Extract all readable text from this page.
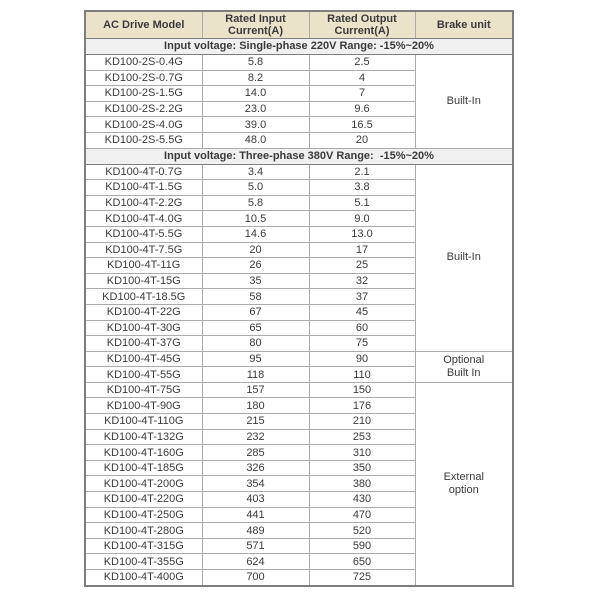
AC Drive Model	Rated Input Current(A)	Rated Output Current(A)	Brake unit
Input voltage: Single-phase 220V Range: -15%~20%			
KD100-2S-0.4G	5.8	2.5	Built-In

KD100-2S-0.7G	8.2	4	
KD100-2S-1.5G	14.0	7	
KD100-2S-2.2G	23.0	9.6	
KD100-2S-4.0G	39.0	16.5	
KD100-2S-5.5G	48.0	20	
Input voltage: Three-phase 380V Range:  -15%~20%			
KD100-4T-0.7G	3.4	2.1	Built-In

KD100-4T-1.5G	5.0	3.8	
KD100-4T-2.2G	5.8	5.1	
KD100-4T-4.0G	10.5	9.0	
KD100-4T-5.5G	14.6	13.0	
KD100-4T-7.5G	20	17	
KD100-4T-11G	26	25	
KD100-4T-15G	35	32	
KD100-4T-18.5G	58	37	
KD100-4T-22G	67	45	
KD100-4T-30G	65	60	
KD100-4T-37G	80	75	
KD100-4T-45G	95	90	Optional
Built In

KD100-4T-55G	118	110	
KD100-4T-75G	157	150	External
option

KD100-4T-90G	180	176	
KD100-4T-110G	215	210	
KD100-4T-132G	232	253	
KD100-4T-160G	285	310	
KD100-4T-185G	326	350	
KD100-4T-200G	354	380	
KD100-4T-220G	403	430	
KD100-4T-250G	441	470	
KD100-4T-280G	489	520	
KD100-4T-315G	571	590	
KD100-4T-355G	624	650	
KD100-4T-400G	700	725	
